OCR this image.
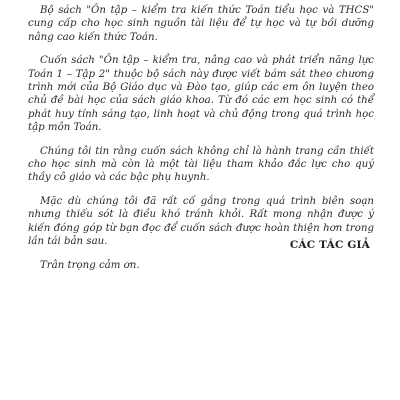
Bộ sách "Ôn tập – kiểm tra kiến thức Toán tiểu học và THCS" cung cấp cho học sinh nguồn tài liệu để tự học và tự bồi dưỡng nâng cao kiến thức Toán.

Cuốn sách "Ôn tập – kiểm tra, nâng cao và phát triển năng lực Toán 1 – Tập 2" thuộc bộ sách này được viết bám sát theo chương trình mới của Bộ Giáo dục và Đào tạo, giúp các em ôn luyện theo chủ đề bài học của sách giáo khoa. Từ đó các em học sinh có thể phát huy tính sáng tạo, linh hoạt và chủ động trong quá trình học tập môn Toán.

Chúng tôi tin rằng cuốn sách không chỉ là hành trang cần thiết cho học sinh mà còn là một tài liệu tham khảo đắc lực cho quý thầy cô giáo và các bậc phụ huynh.

Mặc dù chúng tôi đã rất cố gắng trong quá trình biên soạn nhưng thiếu sót là điều khó tránh khỏi. Rất mong nhận được ý kiến đóng góp từ bạn đọc để cuốn sách được hoàn thiện hơn trong lần tái bản sau.

Trân trọng cảm ơn.

CÁC TÁC GIẢ
